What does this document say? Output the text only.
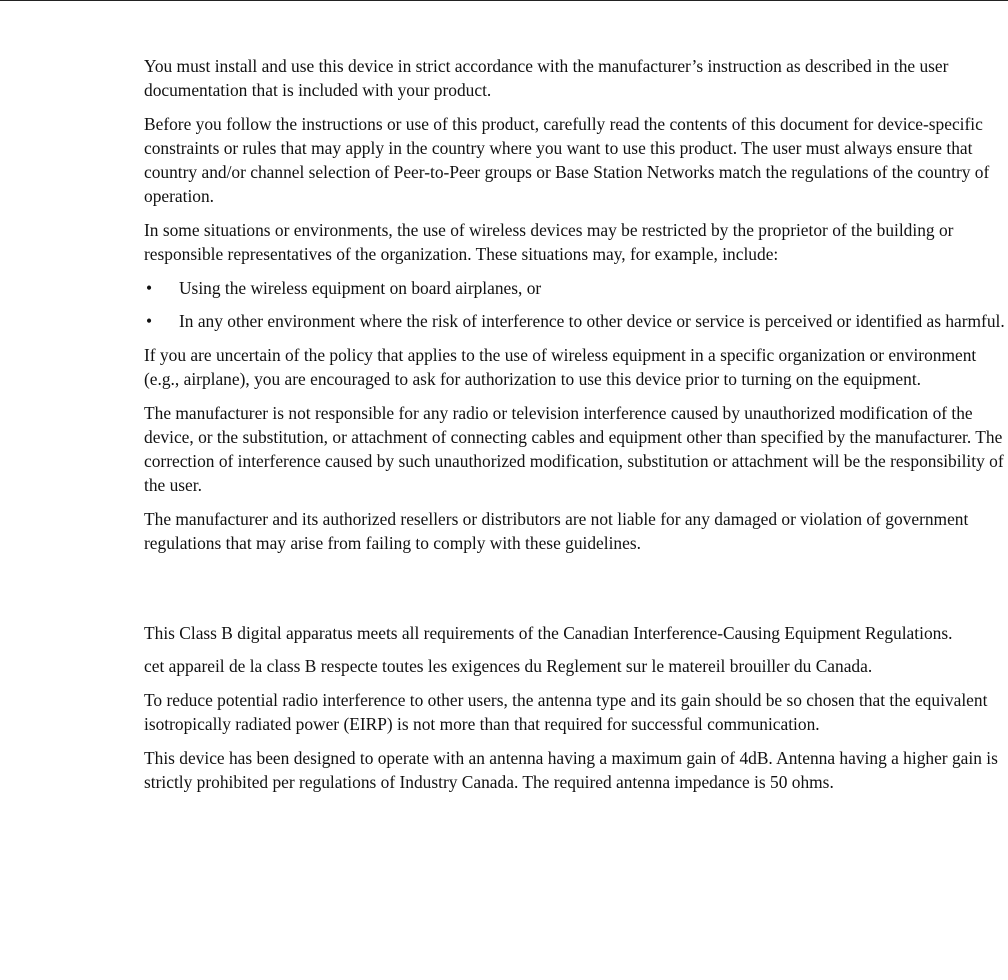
You must install and use this device in strict accordance with the manufacturer’s instruction as described in the user documentation that is included with your product.

Before you follow the instructions or use of this product, carefully read the contents of this document for device-specific constraints or rules that may apply in the country where you want to use this product. The user must always ensure that country and/or channel selection of Peer-to-Peer groups or Base Station Networks match the regulations of the country of operation.

In some situations or environments, the use of wireless devices may be restricted by the proprietor of the building or responsible representatives of the organization. These situations may, for example, include:

• Using the wireless equipment on board airplanes, or
• In any other environment where the risk of interference to other device or service is perceived or identified as harmful.

If you are uncertain of the policy that applies to the use of wireless equipment in a specific organization or environment (e.g., airplane), you are encouraged to ask for authorization to use this device prior to turning on the equipment.

The manufacturer is not responsible for any radio or television interference caused by unauthorized modification of the device, or the substitution, or attachment of connecting cables and equipment other than specified by the manufacturer. The correction of interference caused by such unauthorized modification, substitution or attachment will be the responsibility of the user.

The manufacturer and its authorized resellers or distributors are not liable for any damaged or violation of government regulations that may arise from failing to comply with these guidelines.

This Class B digital apparatus meets all requirements of the Canadian Interference-Causing Equipment Regulations.

cet appareil de la class B respecte toutes les exigences du Reglement sur le matereil brouiller du Canada.

To reduce potential radio interference to other users, the antenna type and its gain should be so chosen that the equivalent isotropically radiated power (EIRP) is not more than that required for successful communication.

This device has been designed to operate with an antenna having a maximum gain of 4dB. Antenna having a higher gain is strictly prohibited per regulations of Industry Canada. The required antenna impedance is 50 ohms.
